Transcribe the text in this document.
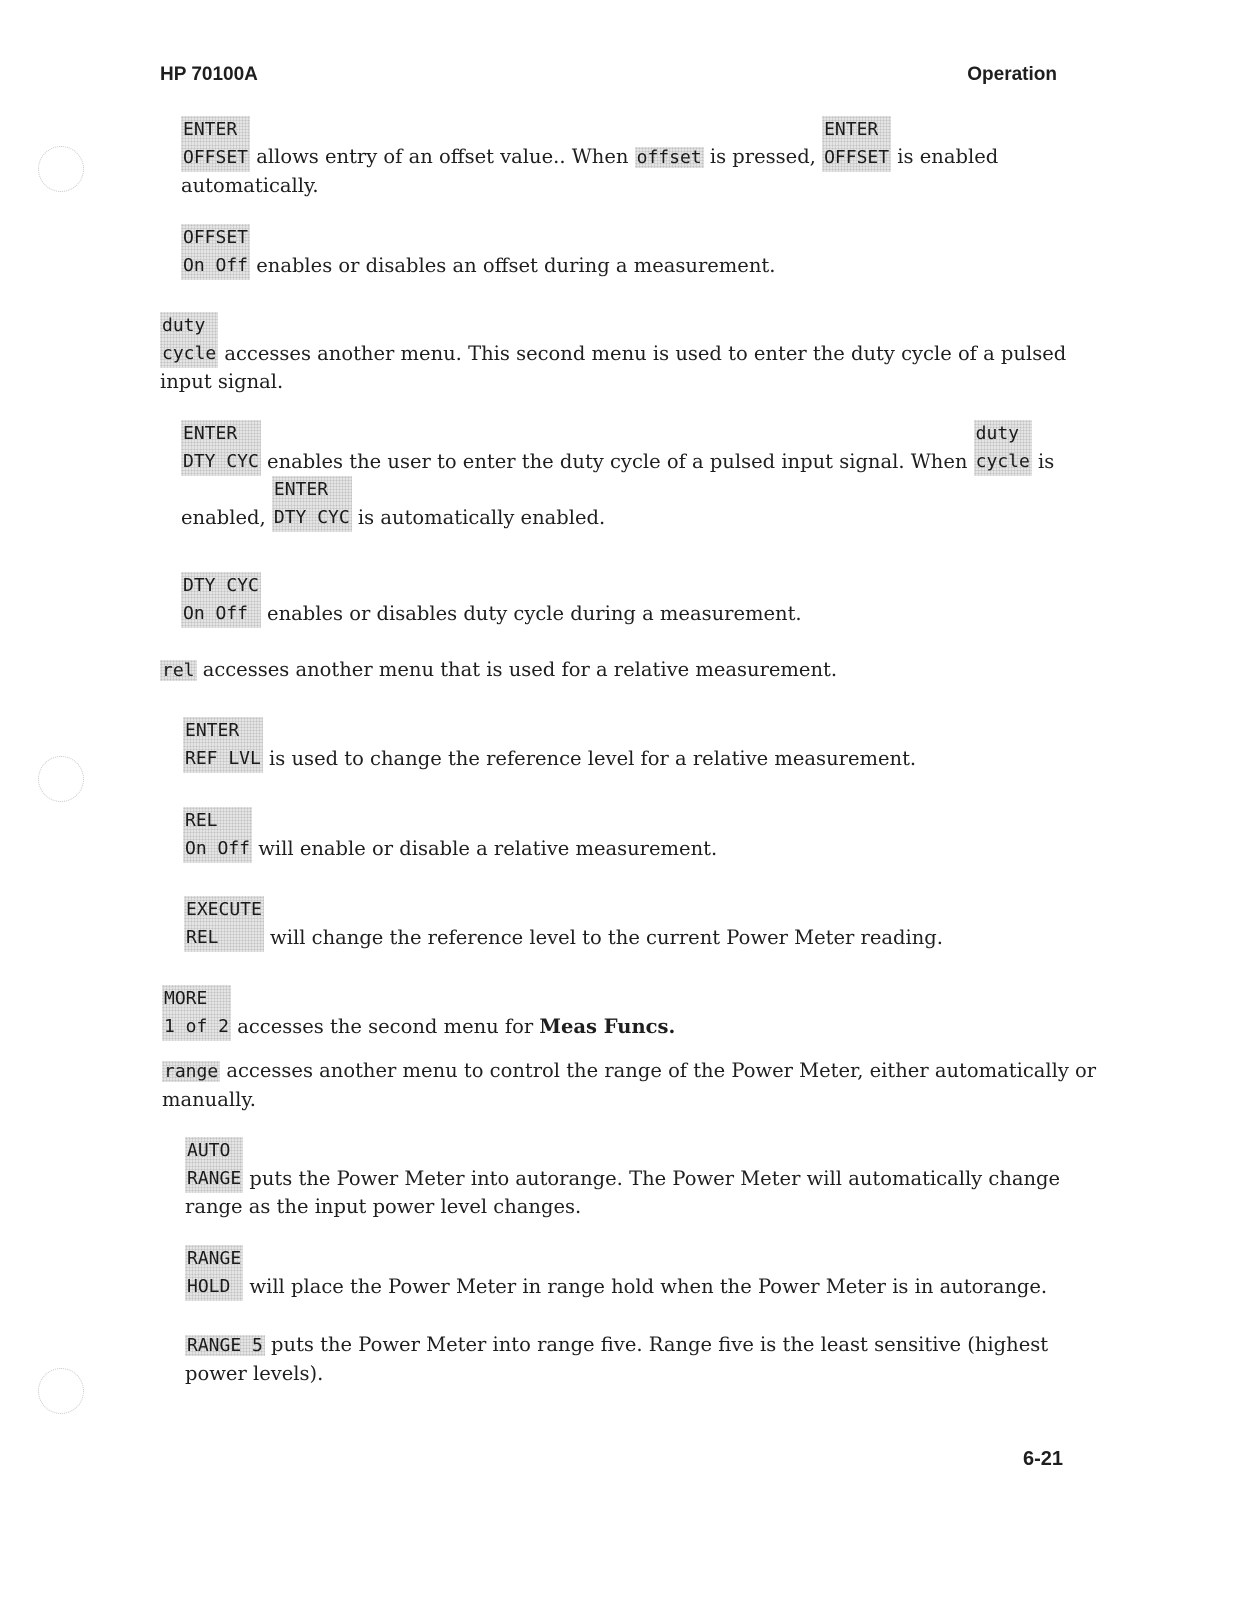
HP 70100A	Operation
ENTER
OFFSET allows entry of an offset value.. When offset is pressed,
ENTER
OFFSET is enabled
automatically.
OFFSET
On Off enables or disables an offset during a measurement.
duty
cycle accesses another menu. This second menu is used to enter the duty cycle of a pulsed
input signal.
ENTER
DTY CYC enables the user to enter the duty cycle of a pulsed input signal. When
duty
cycle is
enabled,
ENTER
DTY CYC is automatically enabled.
DTY CYC
On Off enables or disables duty cycle during a measurement.
rel accesses another menu that is used for a relative measurement.
ENTER
REF LVL is used to change the reference level for a relative measurement.
REL
On Off will enable or disable a relative measurement.
EXECUTE
REL	will change the reference level to the current Power Meter reading.
MORE
1 of 2 accesses the second menu for Meas Funcs.
range accesses another menu to control the range of the Power Meter, either automatically or
manually.
AUTO
RANGE puts the Power Meter into autorange. The Power Meter will automatically change
range as the input power level changes.
RANGE
HOLD will place the Power Meter in range hold when the Power Meter is in autorange.
RANGE 5 puts the Power Meter into range five. Range five is the least sensitive (highest
power levels).
6-21
